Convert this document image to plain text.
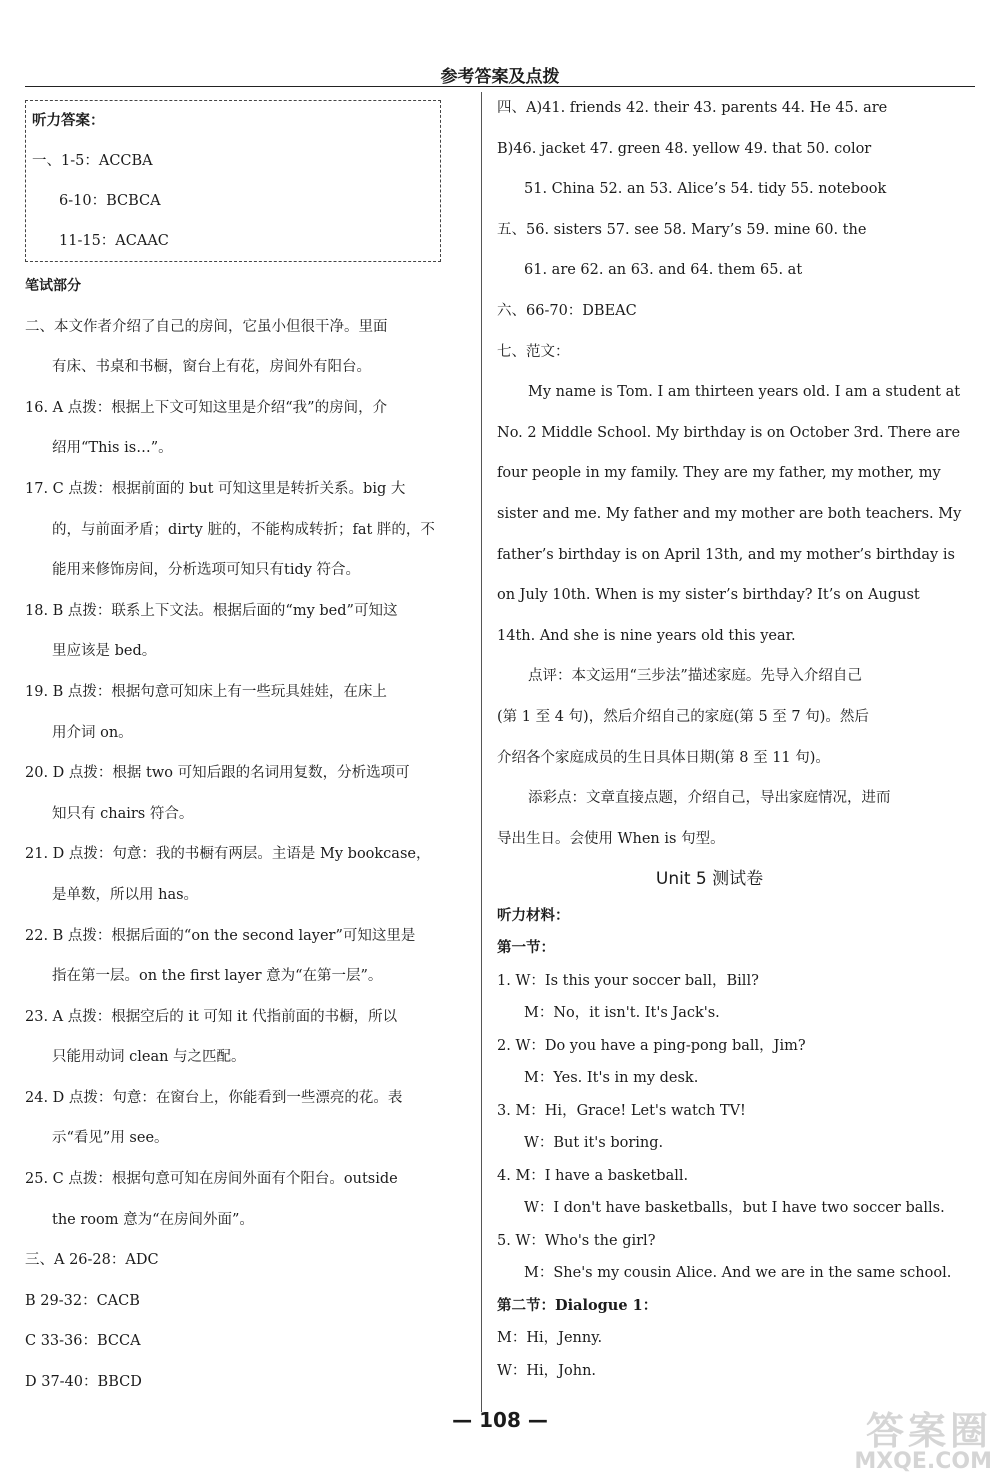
参考答案及点拨

听力答案：

一、1-5：ACCBA

6-10：BCBCA

11-15：ACAAC

笔试部分

二、本文作者介绍了自己的房间，它虽小但很干净。里面

有床、书桌和书橱，窗台上有花，房间外有阳台。

16. A 点拨：根据上下文可知这里是介绍“我”的房间，介

绍用“This is…”。

17. C 点拨：根据前面的 but 可知这里是转折关系。big 大

的，与前面矛盾；dirty 脏的，不能构成转折；fat 胖的，不

能用来修饰房间，分析选项可知只有tidy 符合。

18. B 点拨：联系上下文法。根据后面的“my bed”可知这

里应该是 bed。

19. B 点拨：根据句意可知床上有一些玩具娃娃，在床上

用介词 on。

20. D 点拨：根据 two 可知后跟的名词用复数，分析选项可

知只有 chairs 符合。

21. D 点拨：句意：我的书橱有两层。主语是 My bookcase，

是单数，所以用 has。

22. B 点拨：根据后面的“on the second layer”可知这里是

指在第一层。on the first layer 意为“在第一层”。

23. A 点拨：根据空后的 it 可知 it 代指前面的书橱，所以

只能用动词 clean 与之匹配。

24. D 点拨：句意：在窗台上，你能看到一些漂亮的花。表

示“看见”用 see。

25. C 点拨：根据句意可知在房间外面有个阳台。outside

the room 意为“在房间外面”。

三、A 26-28：ADC

B 29-32：CACB

C 33-36：BCCA

D 37-40：BBCD

四、A)41. friends 42. their 43. parents 44. He 45. are

B)46. jacket 47. green 48. yellow 49. that 50. color

51. China 52. an 53. Alice’s 54. tidy 55. notebook

五、56. sisters 57. see 58. Mary’s 59. mine 60. the

61. are 62. an 63. and 64. them 65. at

六、66-70：DBEAC

七、范文：

My name is Tom. I am thirteen years old. I am a student at

No. 2 Middle School. My birthday is on October 3rd. There are

four people in my family. They are my father, my mother, my

sister and me. My father and my mother are both teachers. My

father’s birthday is on April 13th, and my mother’s birthday is

on July 10th. When is my sister’s birthday? It’s on August

14th. And she is nine years old this year.

点评：本文运用“三步法”描述家庭。先导入介绍自己

(第 1 至 4 句)，然后介绍自己的家庭(第 5 至 7 句)。然后

介绍各个家庭成员的生日具体日期(第 8 至 11 句)。

添彩点：文章直接点题，介绍自己，导出家庭情况，进而

导出生日。会使用 When is 句型。

Unit 5 测试卷

听力材料：

第一节：

1. W：Is this your soccer ball，Bill?

M：No，it isn't. It's Jack's.

2. W：Do you have a ping-pong ball，Jim?

M：Yes. It's in my desk.

3. M：Hi，Grace! Let's watch TV!

W：But it's boring.

4. M：I have a basketball.

W：I don't have basketballs，but I have two soccer balls.

5. W：Who's the girl?

M：She's my cousin Alice. And we are in the same school.

第二节：Dialogue 1：

M：Hi，Jenny.

W：Hi，John.

— 108 —	答案圈
MXQE.COM
